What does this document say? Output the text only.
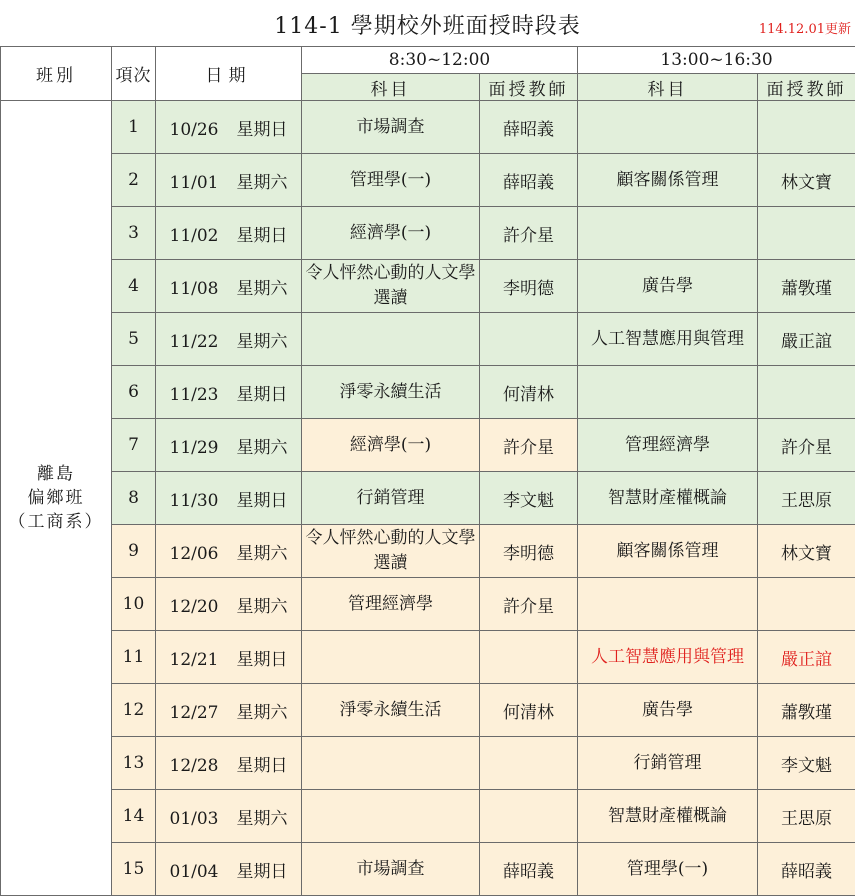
114-1 學期校外班面授時段表	114.12.01更新
班別	項次	日期	8:30~12:00		13:00~16:30	
			科目	面授教師	科目	面授教師

離島
偏鄉班
（工商系）	1	10/26 星期日	市場調查	薛昭義		
	2	11/01 星期六	管理學(一)	薛昭義	顧客關係管理	林文寶
	3	11/02 星期日	經濟學(一)	許介星		
	4	11/08 星期六	令人怦然心動的人文學選讀	李明德	廣告學	蕭斆瑾
	5	11/22 星期六			人工智慧應用與管理	嚴正誼
	6	11/23 星期日	淨零永續生活	何清林		
	7	11/29 星期六	經濟學(一)	許介星	管理經濟學	許介星
	8	11/30 星期日	行銷管理	李文魁	智慧財產權概論	王思原
	9	12/06 星期六	令人怦然心動的人文學選讀	李明德	顧客關係管理	林文寶
	10	12/20 星期六	管理經濟學	許介星		
	11	12/21 星期日			人工智慧應用與管理	嚴正誼
	12	12/27 星期六	淨零永續生活	何清林	廣告學	蕭斆瑾
	13	12/28 星期日			行銷管理	李文魁
	14	01/03 星期六			智慧財產權概論	王思原
	15	01/04 星期日	市場調查	薛昭義	管理學(一)	薛昭義
